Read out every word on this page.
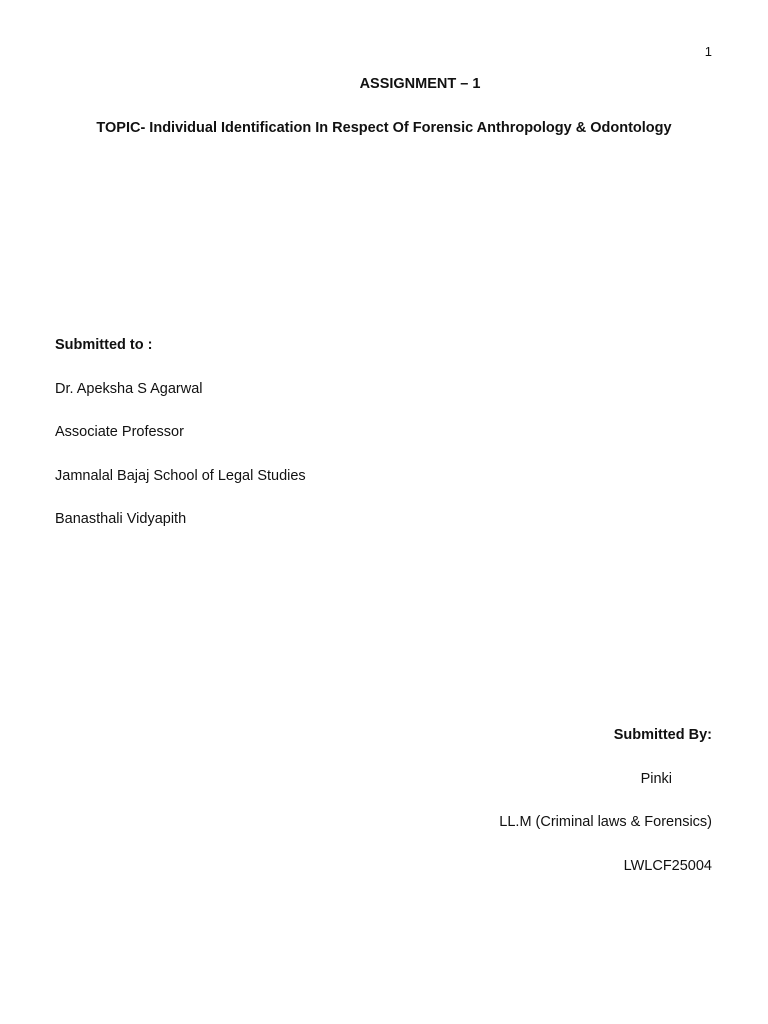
1
ASSIGNMENT – 1
TOPIC- Individual Identification In Respect Of Forensic Anthropology & Odontology
Submitted to :
Dr. Apeksha S Agarwal
Associate Professor
Jamnalal Bajaj School of Legal Studies
Banasthali Vidyapith
Submitted By:
Pinki
LL.M (Criminal laws & Forensics)
LWLCF25004
